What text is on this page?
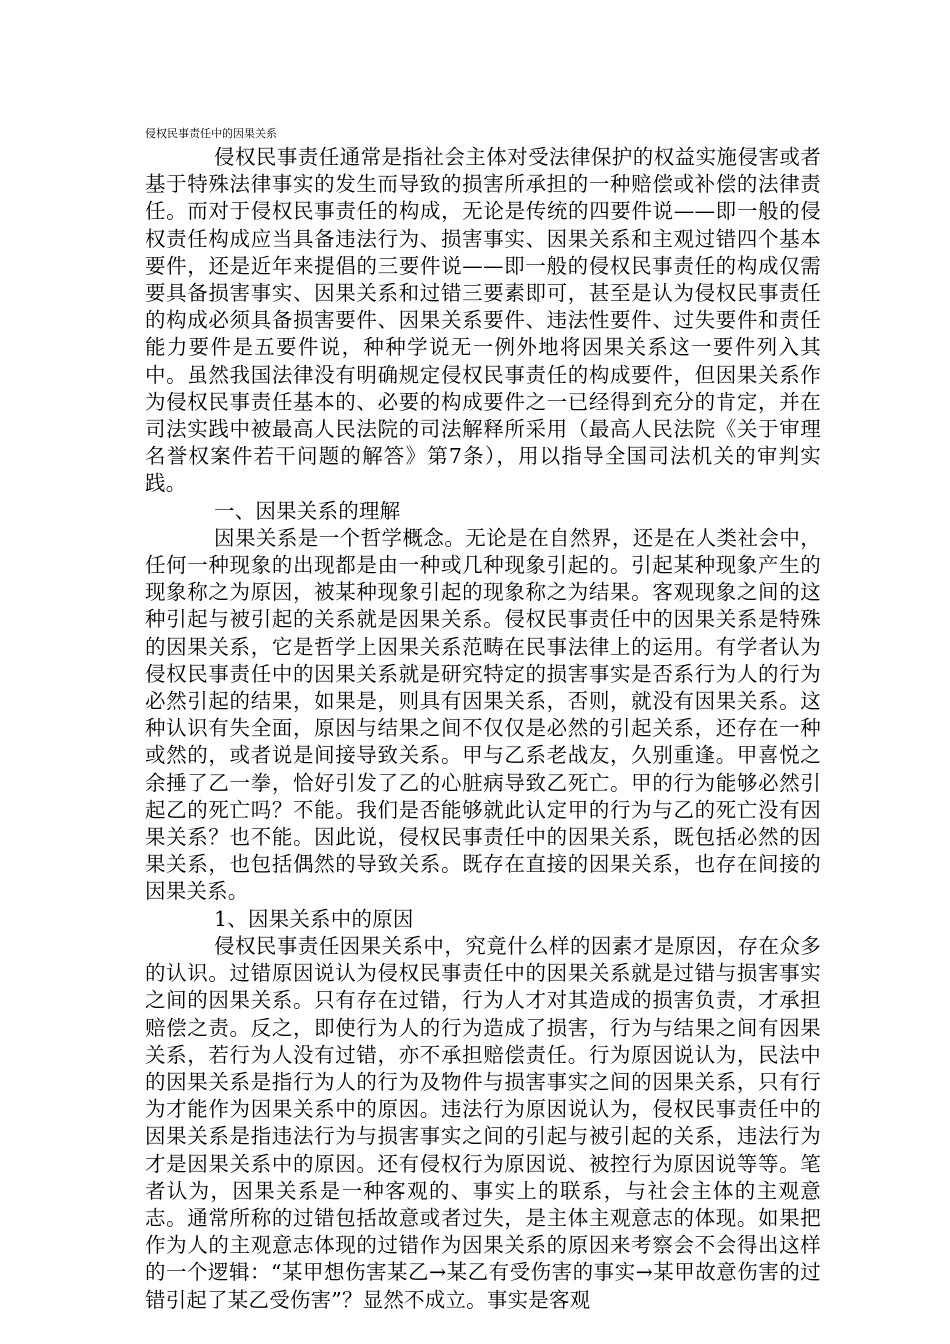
侵权民事责任中的因果关系

侵权民事责任通常是指社会主体对受法律保护的权益实施侵害或者基于特殊法律事实的发生而导致的损害所承担的一种赔偿或补偿的法律责任。而对于侵权民事责任的构成，无论是传统的四要件说——即一般的侵权责任构成应当具备违法行为、损害事实、因果关系和主观过错四个基本要件，还是近年来提倡的三要件说——即一般的侵权民事责任的构成仅需要具备损害事实、因果关系和过错三要素即可，甚至是认为侵权民事责任的构成必须具备损害要件、因果关系要件、违法性要件、过失要件和责任能力要件是五要件说，种种学说无一例外地将因果关系这一要件列入其中。虽然我国法律没有明确规定侵权民事责任的构成要件，但因果关系作为侵权民事责任基本的、必要的构成要件之一已经得到充分的肯定，并在司法实践中被最高人民法院的司法解释所采用（最高人民法院《关于审理名誉权案件若干问题的解答》第7条），用以指导全国司法机关的审判实践。

一、因果关系的理解

因果关系是一个哲学概念。无论是在自然界，还是在人类社会中，任何一种现象的出现都是由一种或几种现象引起的。引起某种现象产生的现象称之为原因，被某种现象引起的现象称之为结果。客观现象之间的这种引起与被引起的关系就是因果关系。侵权民事责任中的因果关系是特殊的因果关系，它是哲学上因果关系范畴在民事法律上的运用。有学者认为侵权民事责任中的因果关系就是研究特定的损害事实是否系行为人的行为必然引起的结果，如果是，则具有因果关系，否则，就没有因果关系。这种认识有失全面，原因与结果之间不仅仅是必然的引起关系，还存在一种或然的，或者说是间接导致关系。甲与乙系老战友，久别重逢。甲喜悦之余捶了乙一拳，恰好引发了乙的心脏病导致乙死亡。甲的行为能够必然引起乙的死亡吗？不能。我们是否能够就此认定甲的行为与乙的死亡没有因果关系？也不能。因此说，侵权民事责任中的因果关系，既包括必然的因果关系，也包括偶然的导致关系。既存在直接的因果关系，也存在间接的因果关系。

1、因果关系中的原因

侵权民事责任因果关系中，究竟什么样的因素才是原因，存在众多的认识。过错原因说认为侵权民事责任中的因果关系就是过错与损害事实之间的因果关系。只有存在过错，行为人才对其造成的损害负责，才承担赔偿之责。反之，即使行为人的行为造成了损害，行为与结果之间有因果关系，若行为人没有过错，亦不承担赔偿责任。行为原因说认为，民法中的因果关系是指行为人的行为及物件与损害事实之间的因果关系，只有行为才能作为因果关系中的原因。违法行为原因说认为，侵权民事责任中的因果关系是指违法行为与损害事实之间的引起与被引起的关系，违法行为才是因果关系中的原因。还有侵权行为原因说、被控行为原因说等等。笔者认为，因果关系是一种客观的、事实上的联系，与社会主体的主观意志。通常所称的过错包括故意或者过失，是主体主观意志的体现。如果把作为人的主观意志体现的过错作为因果关系的原因来考察会不会得出这样的一个逻辑：“某甲想伤害某乙→某乙有受伤害的事实→某甲故意伤害的过错引起了某乙受伤害”？显然不成立。事实是客观
